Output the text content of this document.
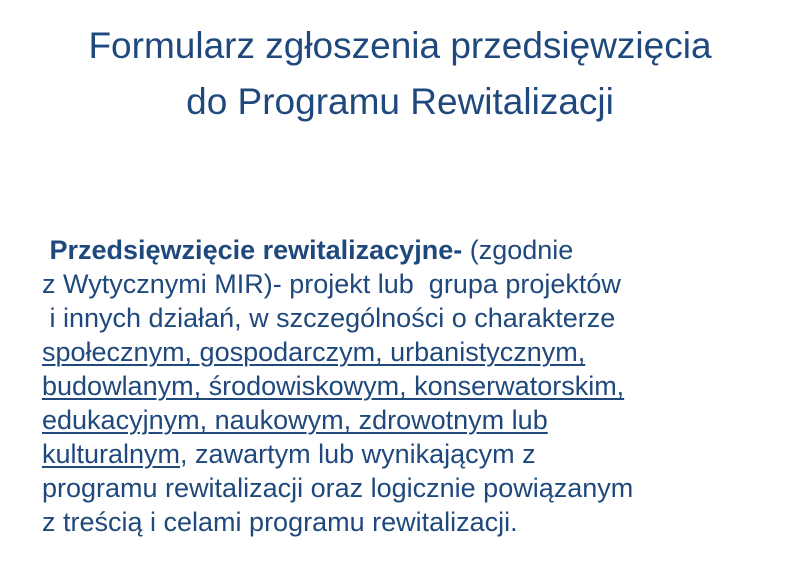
Formularz zgłoszenia przedsięwzięcia
do Programu Rewitalizacji
Przedsięwzięcie rewitalizacyjne- (zgodnie
z Wytycznymi MIR)- projekt lub  grupa projektów
i innych działań, w szczególności o charakterze
społecznym, gospodarczym, urbanistycznym,
budowlanym, środowiskowym, konserwatorskim,
edukacyjnym, naukowym, zdrowotnym lub
kulturalnym, zawartym lub wynikającym z
programu rewitalizacji oraz logicznie powiązanym
z treścią i celami programu rewitalizacji.
